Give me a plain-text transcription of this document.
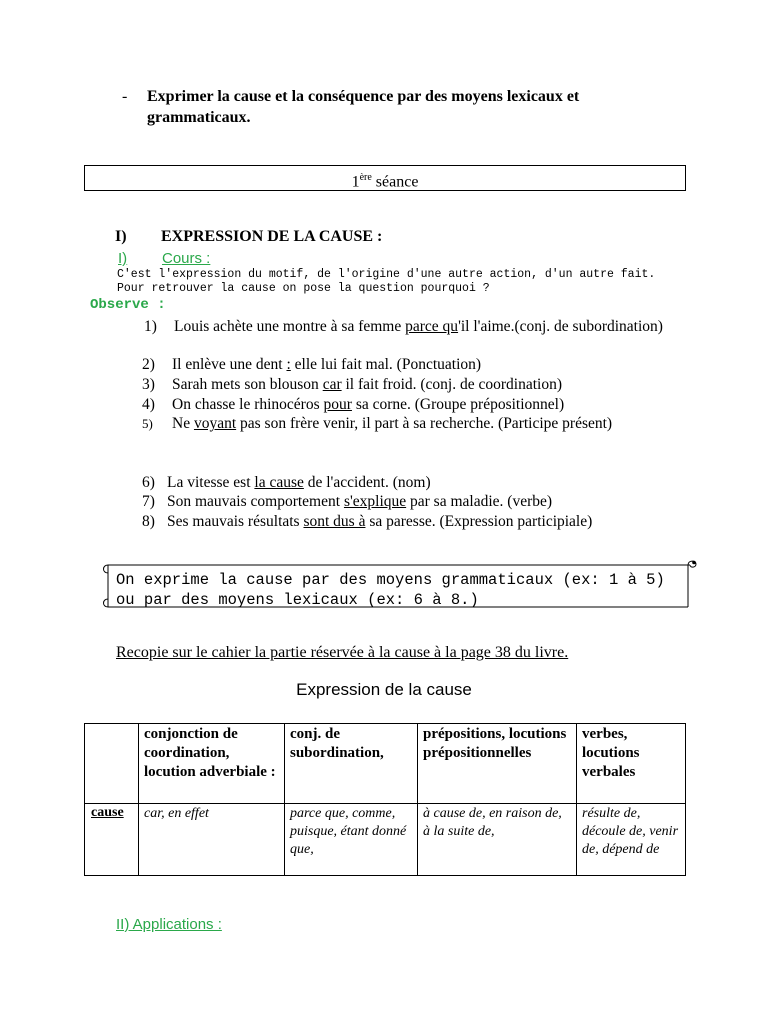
- Exprimer la cause et la conséquence par des moyens lexicaux et grammaticaux.
1ère séance
I) EXPRESSION DE LA CAUSE :
I) Cours :
C'est l'expression du motif, de l'origine d'une autre action, d'un autre fait. Pour retrouver la cause on pose la question pourquoi ?
Observe :
1) Louis achète une montre à sa femme parce qu'il l'aime.(conj. de subordination)
2) Il enlève une dent : elle lui fait mal. (Ponctuation)
3) Sarah mets son blouson car il fait froid. (conj. de coordination)
4) On chasse le rhinocéros pour sa corne. (Groupe prépositionnel)
5) Ne voyant pas son frère venir, il part à sa recherche. (Participe présent)
6) La vitesse est la cause de l'accident. (nom)
7) Son mauvais comportement s'explique par sa maladie. (verbe)
8) Ses mauvais résultats sont dus à sa paresse. (Expression participiale)
On exprime la cause par des moyens grammaticaux (ex: 1 à 5) ou par des moyens lexicaux (ex: 6 à 8.)
Recopie sur le cahier la partie réservée à la cause à la page 38 du livre.
Expression de la cause
	conjonction de coordination, locution adverbiale :	conj. de subordination,	prépositions, locutions prépositionnelles	verbes, locutions verbales
cause	car, en effet	parce que, comme, puisque, étant donné que,	à cause de, en raison de, à la suite de,	résulte de, découle de, venir de, dépend de
II) Applications :
